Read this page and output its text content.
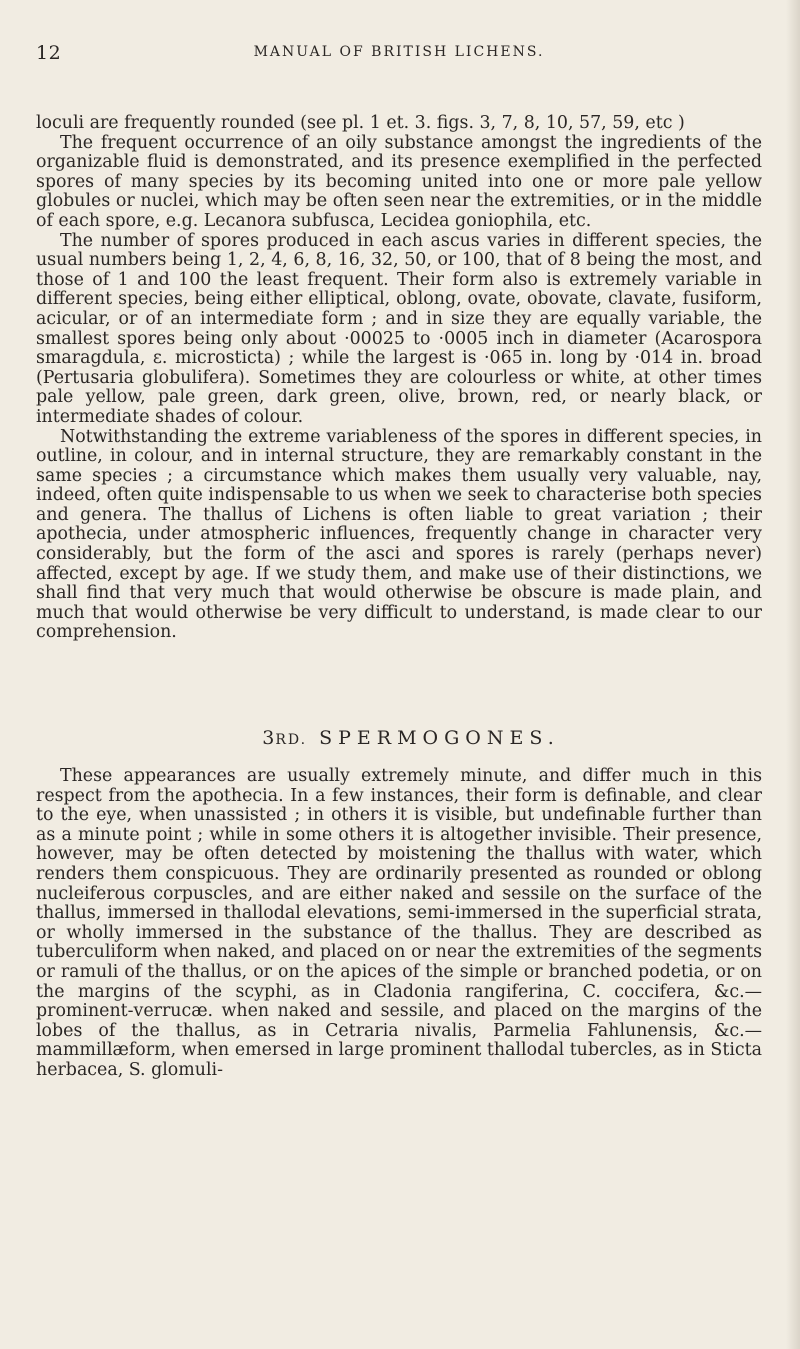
12	MANUAL OF BRITISH LICHENS.

loculi are frequently rounded (see pl. 1 et. 3. figs. 3, 7, 8, 10, 57, 59, etc )

The frequent occurrence of an oily substance amongst the ingredients of the organizable fluid is demonstrated, and its presence exemplified in the perfected spores of many species by its becoming united into one or more pale yellow globules or nuclei, which may be often seen near the extremities, or in the middle of each spore, e.g. Lecanora subfusca, Lecidea goniophila, etc.

The number of spores produced in each ascus varies in different species, the usual numbers being 1, 2, 4, 6, 8, 16, 32, 50, or 100, that of 8 being the most, and those of 1 and 100 the least frequent. Their form also is extremely variable in different species, being either elliptical, oblong, ovate, obovate, clavate, fusiform, acicular, or of an intermediate form ; and in size they are equally variable, the smallest spores being only about ·00025 to ·0005 inch in diameter (Acarospora smaragdula, ε. microsticta) ; while the largest is ·065 in. long by ·014 in. broad (Pertusaria globulifera). Sometimes they are colourless or white, at other times pale yellow, pale green, dark green, olive, brown, red, or nearly black, or intermediate shades of colour.

Notwithstanding the extreme variableness of the spores in different species, in outline, in colour, and in internal structure, they are remarkably constant in the same species ; a circumstance which makes them usually very valuable, nay, indeed, often quite indispensable to us when we seek to characterise both species and genera. The thallus of Lichens is often liable to great variation ; their apothecia, under atmospheric influences, frequently change in character very considerably, but the form of the asci and spores is rarely (perhaps never) affected, except by age. If we study them, and make use of their distinctions, we shall find that very much that would otherwise be obscure is made plain, and much that would otherwise be very difficult to understand, is made clear to our comprehension.

3RD. SPERMOGONES.

These appearances are usually extremely minute, and differ much in this respect from the apothecia. In a few instances, their form is definable, and clear to the eye, when unassisted ; in others it is visible, but undefinable further than as a minute point ; while in some others it is altogether invisible. Their presence, however, may be often detected by moistening the thallus with water, which renders them conspicuous. They are ordinarily presented as rounded or oblong nucleiferous corpuscles, and are either naked and sessile on the surface of the thallus, immersed in thallodal elevations, semi-immersed in the superficial strata, or wholly immersed in the substance of the thallus. They are described as tuberculiform when naked, and placed on or near the extremities of the segments or ramuli of the thallus, or on the apices of the simple or branched podetia, or on the margins of the scyphi, as in Cladonia rangiferina, C. coccifera, &c.—prominent-verrucæ. when naked and sessile, and placed on the margins of the lobes of the thallus, as in Cetraria nivalis, Parmelia Fahlunensis, &c.—mammillæform, when emersed in large prominent thallodal tubercles, as in Sticta herbacea, S. glomuli-
